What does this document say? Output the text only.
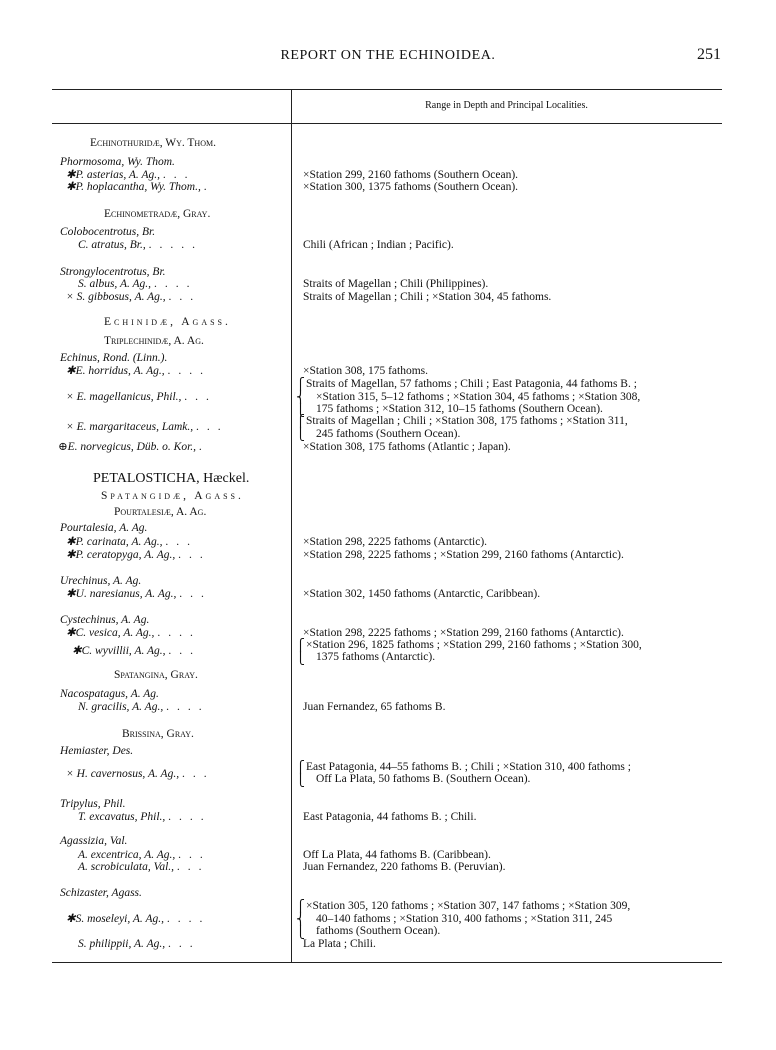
REPORT ON THE ECHINOIDEA.	251
Range in Depth and Principal Localities.
Echinothuridæ, Wy. Thom.
Phormosoma, Wy. Thom.
✱P. asterias, A. Ag., ...
✱P. hoplacantha, Wy. Thom., .
Echinometradæ, Gray.
Colobocentrotus, Br.
C. atratus, Br., .....
Strongylocentrotus, Br.
S. albus, A. Ag., ....
× S. gibbosus, A. Ag., ...
Echinidæ, Agass.
Triplechinidæ, A. Ag.
Echinus, Rond. (Linn.).
✱E. horridus, A. Ag., ....
× E. magellanicus, Phil., ...
× E. margaritaceus, Lamk., ...
⊕E. norvegicus, Düb. o. Kor., .
PETALOSTICHA, Hæckel.
Spatangidæ, Agass.
Pourtalesiæ, A. Ag.
Pourtalesia, A. Ag.
✱P. carinata, A. Ag., ...
✱P. ceratopyga, A. Ag., ...
Urechinus, A. Ag.
✱U. naresianus, A. Ag., ...
Cystechinus, A. Ag.
✱C. vesica, A. Ag., ....
✱C. wyvillii, A. Ag., ...
Spatangina, Gray.
Nacospatagus, A. Ag.
N. gracilis, A. Ag., ....
Brissina, Gray.
Hemiaster, Des.
× H. cavernosus, A. Ag., ...
Tripylus, Phil.
T. excavatus, Phil., ....
Agassizia, Val.
A. excentrica, A. Ag., ...
A. scrobiculata, Val., ...
Schizaster, Agass.
✱S. moseleyi, A. Ag., ....
S. philippii, A. Ag., ...
×Station 299, 2160 fathoms (Southern Ocean).
×Station 300, 1375 fathoms (Southern Ocean).
Chili (African ; Indian ; Pacific).
Straits of Magellan ; Chili (Philippines).
Straits of Magellan ; Chili ; ×Station 304, 45 fathoms.
×Station 308, 175 fathoms.
⎧
⎨
⎩
Straits of Magellan, 57 fathoms ; Chili ; East Patagonia, 44 fathoms B. ;
×Station 315, 5–12 fathoms ; ×Station 304, 45 fathoms ; ×Station 308,
175 fathoms ; ×Station 312, 10–15 fathoms (Southern Ocean).
⎧
⎩
Straits of Magellan ; Chili ; ×Station 308, 175 fathoms ; ×Station 311,
245 fathoms (Southern Ocean).
×Station 308, 175 fathoms (Atlantic ; Japan).
×Station 298, 2225 fathoms (Antarctic).
×Station 298, 2225 fathoms ; ×Station 299, 2160 fathoms (Antarctic).
×Station 302, 1450 fathoms (Antarctic, Caribbean).
×Station 298, 2225 fathoms ; ×Station 299, 2160 fathoms (Antarctic).
⎧
⎩
×Station 296, 1825 fathoms ; ×Station 299, 2160 fathoms ; ×Station 300,
1375 fathoms (Antarctic).
Juan Fernandez, 65 fathoms B.
⎧
⎩
East Patagonia, 44–55 fathoms B. ; Chili ; ×Station 310, 400 fathoms ;
Off La Plata, 50 fathoms B. (Southern Ocean).
East Patagonia, 44 fathoms B. ; Chili.
Off La Plata, 44 fathoms B. (Caribbean).
Juan Fernandez, 220 fathoms B. (Peruvian).
⎧
⎨
⎩
×Station 305, 120 fathoms ; ×Station 307, 147 fathoms ; ×Station 309,
40–140 fathoms ; ×Station 310, 400 fathoms ; ×Station 311, 245
fathoms (Southern Ocean).
La Plata ; Chili.
